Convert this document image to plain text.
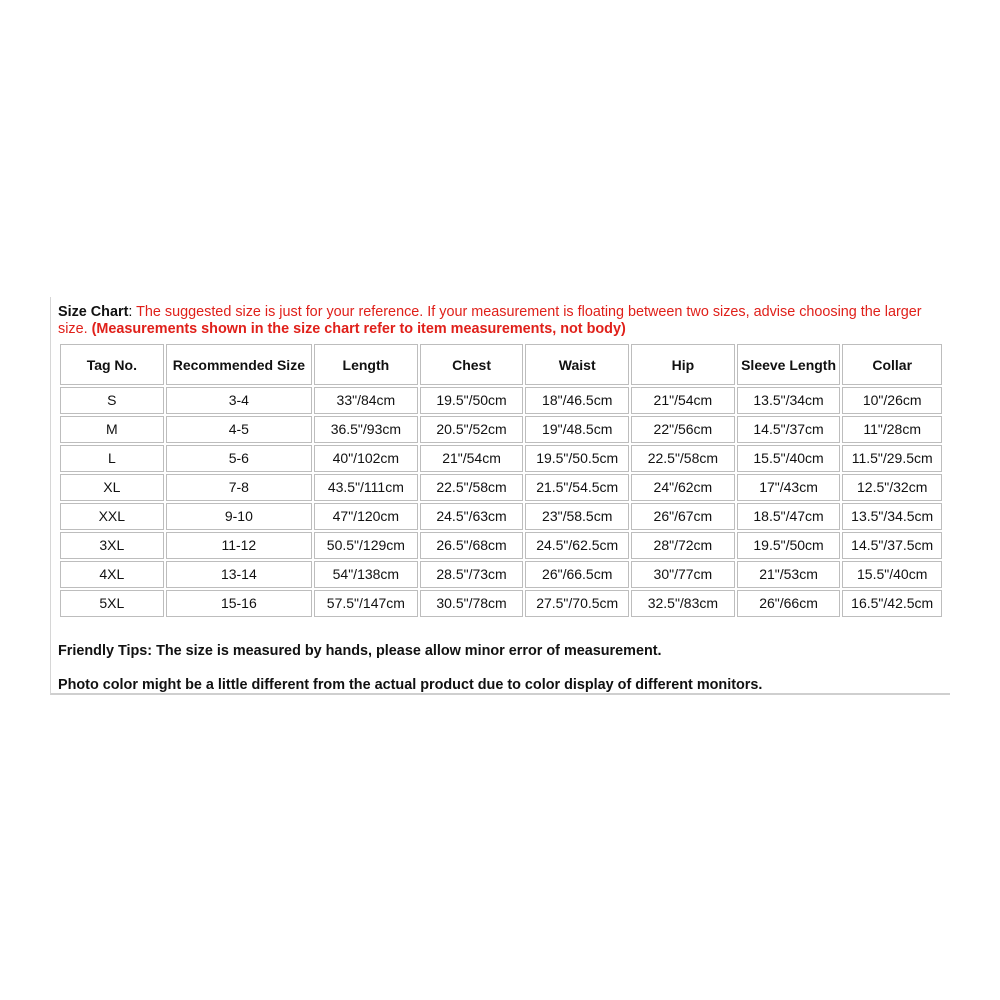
Size Chart: The suggested size is just for your reference. If your measurement is floating between two sizes, advise choosing the larger size. (Measurements shown in the size chart refer to item measurements, not body)
Tag No.	Recommended Size	Length	Chest	Waist	Hip	Sleeve Length	Collar
S	3-4	33"/84cm	19.5"/50cm	18"/46.5cm	21"/54cm	13.5"/34cm	10"/26cm
M	4-5	36.5"/93cm	20.5"/52cm	19"/48.5cm	22"/56cm	14.5"/37cm	11"/28cm
L	5-6	40"/102cm	21"/54cm	19.5"/50.5cm	22.5"/58cm	15.5"/40cm	11.5"/29.5cm
XL	7-8	43.5"/111cm	22.5"/58cm	21.5"/54.5cm	24"/62cm	17"/43cm	12.5"/32cm
XXL	9-10	47"/120cm	24.5"/63cm	23"/58.5cm	26"/67cm	18.5"/47cm	13.5"/34.5cm
3XL	11-12	50.5"/129cm	26.5"/68cm	24.5"/62.5cm	28"/72cm	19.5"/50cm	14.5"/37.5cm
4XL	13-14	54"/138cm	28.5"/73cm	26"/66.5cm	30"/77cm	21"/53cm	15.5"/40cm
5XL	15-16	57.5"/147cm	30.5"/78cm	27.5"/70.5cm	32.5"/83cm	26"/66cm	16.5"/42.5cm
Friendly Tips: The size is measured by hands, please allow minor error of measurement.
Photo color might be a little different from the actual product due to color display of different monitors.
